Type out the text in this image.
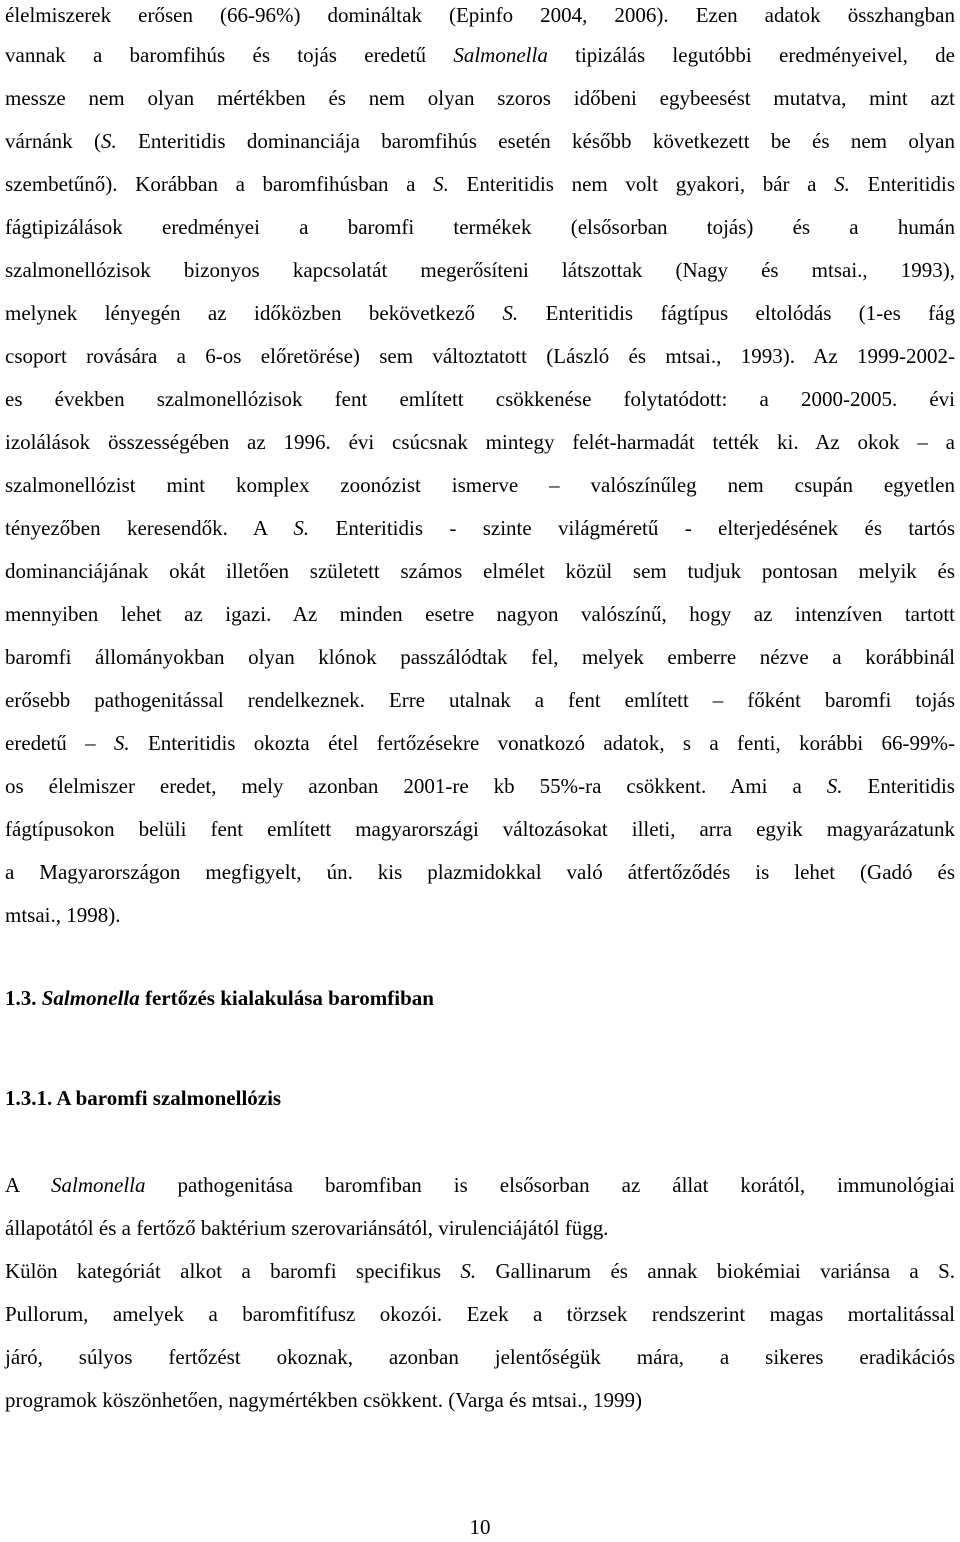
élelmiszerek erősen (66-96%) domináltak (Epinfo 2004, 2006). Ezen adatok összhangban
vannak a baromfihús és tojás eredetű Salmonella tipizálás legutóbbi eredményeivel, de
messze nem olyan mértékben és nem olyan szoros időbeni egybeesést mutatva, mint azt
várnánk (S. Enteritidis dominanciája baromfihús esetén később következett be és nem olyan
szembetűnő). Korábban a baromfihúsban a S. Enteritidis nem volt gyakori, bár a S. Enteritidis
fágtipizálások eredményei a baromfi termékek (elsősorban tojás) és a humán
szalmonellózisok bizonyos kapcsolatát megerősíteni látszottak (Nagy és mtsai., 1993),
melynek lényegén az időközben bekövetkező S. Enteritidis fágtípus eltolódás (1-es fág
csoport rovására a 6-os előretörése) sem változtatott (László és mtsai., 1993). Az 1999-2002-
es években szalmonellózisok fent említett csökkenése folytatódott: a 2000-2005. évi
izolálások összességében az 1996. évi csúcsnak mintegy felét-harmadát tették ki. Az okok – a
szalmonellózist mint komplex zoonózist ismerve – valószínűleg nem csupán egyetlen
tényezőben keresendők. A S. Enteritidis - szinte világméretű - elterjedésének és tartós
dominanciájának okát illetően született számos elmélet közül sem tudjuk pontosan melyik és
mennyiben lehet az igazi. Az minden esetre nagyon valószínű, hogy az intenzíven tartott
baromfi állományokban olyan klónok passzálódtak fel, melyek emberre nézve a korábbinál
erősebb pathogenitással rendelkeznek. Erre utalnak a fent említett – főként baromfi tojás
eredetű – S. Enteritidis okozta étel fertőzésekre vonatkozó adatok, s a fenti, korábbi 66-99%-
os élelmiszer eredet, mely azonban 2001-re kb 55%-ra csökkent. Ami a S. Enteritidis
fágtípusokon belüli fent említett magyarországi változásokat illeti, arra egyik magyarázatunk
a Magyarországon megfigyelt, ún. kis plazmidokkal való átfertőződés is lehet (Gadó és
mtsai., 1998).
1.3. Salmonella fertőzés kialakulása baromfiban
1.3.1. A baromfi szalmonellózis
A Salmonella pathogenitása baromfiban is elsősorban az állat korától, immunológiai
állapotától és a fertőző baktérium szerovariánsától, virulenciájától függ.
Külön kategóriát alkot a baromfi specifikus S. Gallinarum és annak biokémiai variánsa a S.
Pullorum, amelyek a baromfitífusz okozói. Ezek a törzsek rendszerint magas mortalitással
járó, súlyos fertőzést okoznak, azonban jelentőségük mára, a sikeres eradikációs
programok köszönhetően, nagymértékben csökkent. (Varga és mtsai., 1999)
10
